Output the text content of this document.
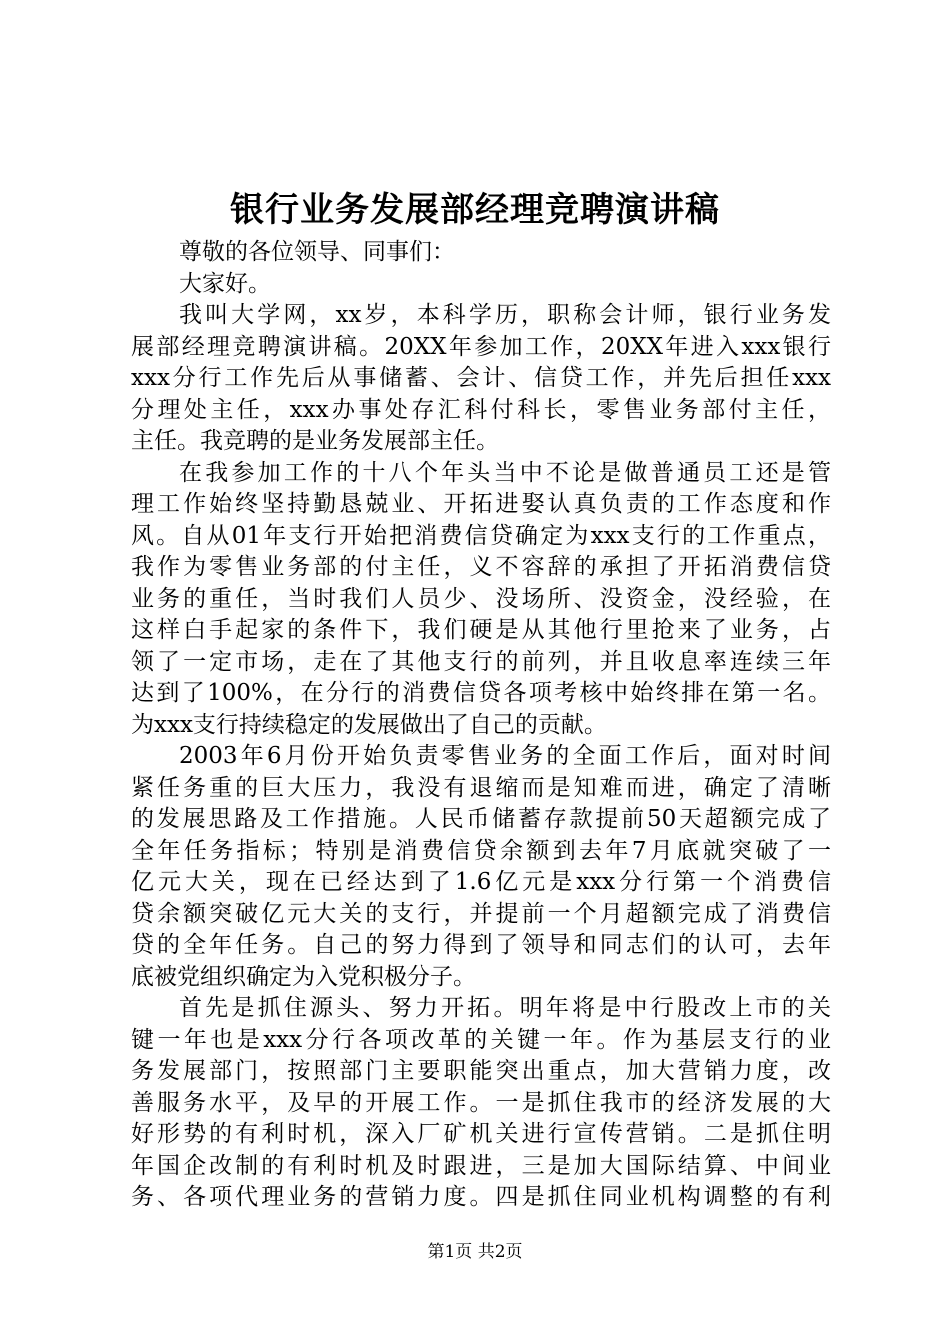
银行业务发展部经理竞聘演讲稿
尊敬的各位领导、同事们：
大家好。
我叫大学网，xx岁，本科学历，职称会计师，银行业务发
展部经理竞聘演讲稿。20XX年参加工作，20XX年进入xxx银行
xxx分行工作先后从事储蓄、会计、信贷工作，并先后担任xxx
分理处主任，xxx办事处存汇科付科长，零售业务部付主任，
主任。我竞聘的是业务发展部主任。
在我参加工作的十八个年头当中不论是做普通员工还是管
理工作始终坚持勤恳兢业、开拓进娶认真负责的工作态度和作
风。自从01年支行开始把消费信贷确定为xxx支行的工作重点，
我作为零售业务部的付主任，义不容辞的承担了开拓消费信贷
业务的重任，当时我们人员少、没场所、没资金，没经验，在
这样白手起家的条件下，我们硬是从其他行里抢来了业务，占
领了一定市场，走在了其他支行的前列，并且收息率连续三年
达到了100%，在分行的消费信贷各项考核中始终排在第一名。
为xxx支行持续稳定的发展做出了自己的贡献。
2003年6月份开始负责零售业务的全面工作后，面对时间
紧任务重的巨大压力，我没有退缩而是知难而进，确定了清晰
的发展思路及工作措施。人民币储蓄存款提前50天超额完成了
全年任务指标；特别是消费信贷余额到去年7月底就突破了一
亿元大关，现在已经达到了1.6亿元是xxx分行第一个消费信
贷余额突破亿元大关的支行，并提前一个月超额完成了消费信
贷的全年任务。自己的努力得到了领导和同志们的认可，去年
底被党组织确定为入党积极分子。
首先是抓住源头、努力开拓。明年将是中行股改上市的关
键一年也是xxx分行各项改革的关键一年。作为基层支行的业
务发展部门，按照部门主要职能突出重点，加大营销力度，改
善服务水平，及早的开展工作。一是抓住我市的经济发展的大
好形势的有利时机，深入厂矿机关进行宣传营销。二是抓住明
年国企改制的有利时机及时跟进，三是加大国际结算、中间业
务、各项代理业务的营销力度。四是抓住同业机构调整的有利
第1页 共2页
